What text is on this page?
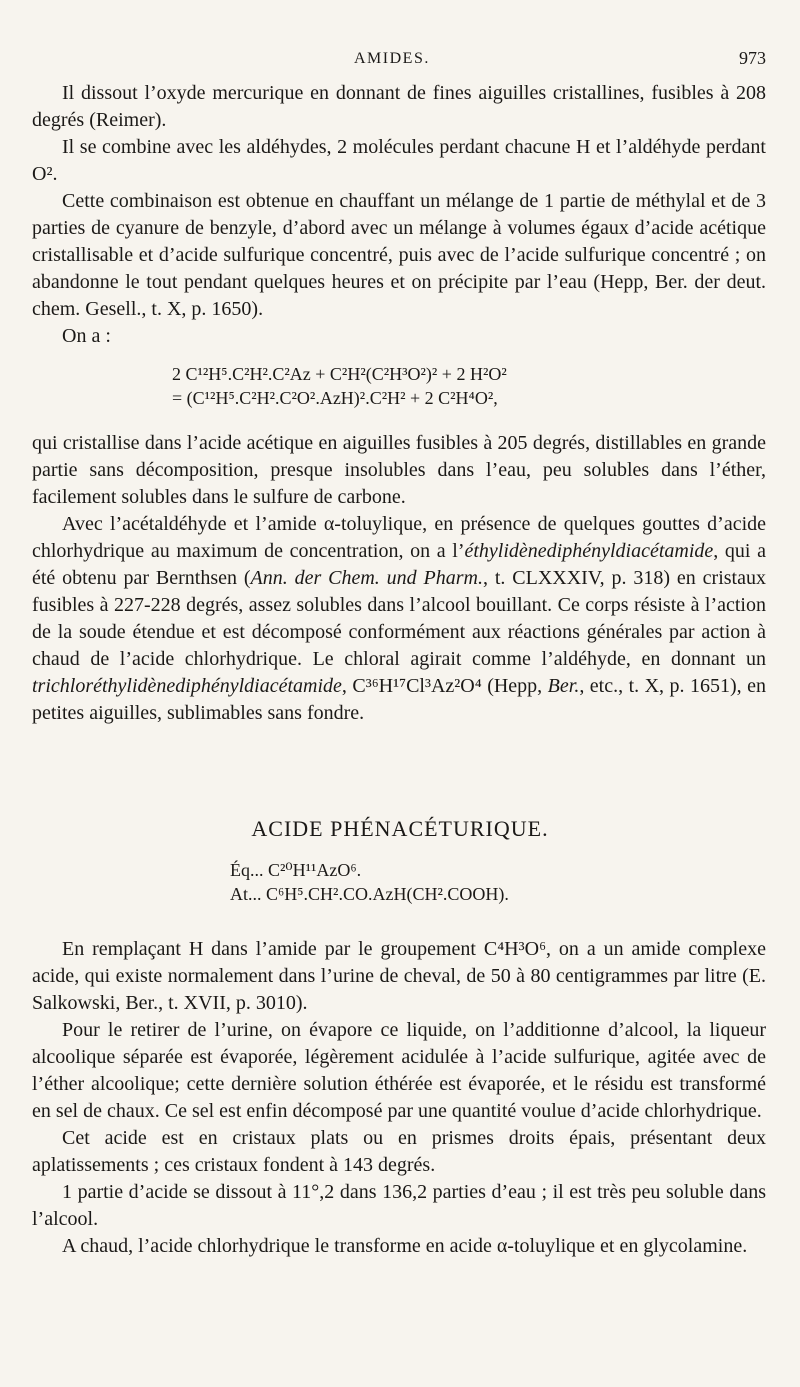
AMIDES.	973

Il dissout l’oxyde mercurique en donnant de fines aiguilles cristallines, fusibles à 208 degrés (Reimer).

Il se combine avec les aldéhydes, 2 molécules perdant chacune H et l’aldéhyde perdant O².

Cette combinaison est obtenue en chauffant un mélange de 1 partie de méthylal et de 3 parties de cyanure de benzyle, d’abord avec un mélange à volumes égaux d’acide acétique cristallisable et d’acide sulfurique concentré, puis avec de l’acide sulfurique concentré ; on abandonne le tout pendant quelques heures et on précipite par l’eau (Hepp, Ber. der deut. chem. Gesell., t. X, p. 1650).

On a :

2 C¹²H⁵.C²H².C²Az + C²H²(C²H³O²)² + 2 H²O²
= (C¹²H⁵.C²H².C²O².AzH)².C²H² + 2 C²H⁴O²,

qui cristallise dans l’acide acétique en aiguilles fusibles à 205 degrés, distillables en grande partie sans décomposition, presque insolubles dans l’eau, peu solubles dans l’éther, facilement solubles dans le sulfure de carbone.

Avec l’acétaldéhyde et l’amide α-toluylique, en présence de quelques gouttes d’acide chlorhydrique au maximum de concentration, on a l’éthylidènediphényldiacétamide, qui a été obtenu par Bernthsen (Ann. der Chem. und Pharm., t. CLXXXIV, p. 318) en cristaux fusibles à 227-228 degrés, assez solubles dans l’alcool bouillant. Ce corps résiste à l’action de la soude étendue et est décomposé conformément aux réactions générales par action à chaud de l’acide chlorhydrique. Le chloral agirait comme l’aldéhyde, en donnant un trichloréthylidènediphényldiacétamide, C³⁶H¹⁷Cl³Az²O⁴ (Hepp, Ber., etc., t. X, p. 1651), en petites aiguilles, sublimables sans fondre.

ACIDE PHÉNACÉTURIQUE.
Éq... C²⁰H¹¹AzO⁶.
At... C⁶H⁵.CH².CO.AzH(CH².COOH).

En remplaçant H dans l’amide par le groupement C⁴H³O⁶, on a un amide complexe acide, qui existe normalement dans l’urine de cheval, de 50 à 80 centigrammes par litre (E. Salkowski, Ber., t. XVII, p. 3010).

Pour le retirer de l’urine, on évapore ce liquide, on l’additionne d’alcool, la liqueur alcoolique séparée est évaporée, légèrement acidulée à l’acide sulfurique, agitée avec de l’éther alcoolique; cette dernière solution éthérée est évaporée, et le résidu est transformé en sel de chaux. Ce sel est enfin décomposé par une quantité voulue d’acide chlorhydrique.

Cet acide est en cristaux plats ou en prismes droits épais, présentant deux aplatissements ; ces cristaux fondent à 143 degrés.

1 partie d’acide se dissout à 11°,2 dans 136,2 parties d’eau ; il est très peu soluble dans l’alcool.

A chaud, l’acide chlorhydrique le transforme en acide α-toluylique et en glycolamine.
